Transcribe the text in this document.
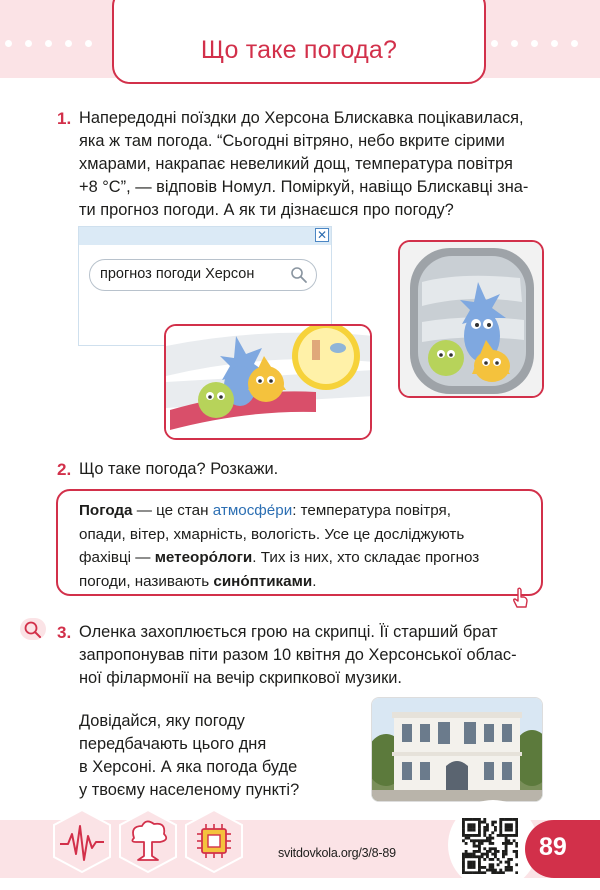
Що таке погода?
1. Напередодні поїздки до Херсона Блискавка поцікавилася,
яка ж там погода. “Сьогодні вітряно, небо вкрите сірими
хмарами, накрапає невеликий дощ, температура повітря
+8 °С”, — відповів Номул. Поміркуй, навіщо Блискавці зна-
ти прогноз погоди. А як ти дізнаєшся про погоду?
✕
прогноз погоди Херсон
2. Що таке погода? Розкажи.
Погода — це стан атмосфе́ри: температура повітря,
опади, вітер, хмарність, вологість. Усе це досліджують
фахівці — метеоро́логи. Тих із них, хто складає прогноз
погоди, називають сино́птиками.
3. Оленка захоплюється грою на скрипці. Її старший брат
запропонував піти разом 10 квітня до Херсонської облас-
ної філармонії на вечір скрипкової музики.
Довідайся, яку погоду
передбачають цього дня
в Херсоні. А яка погода буде
у твоєму населеному пункті?
svitdovkola.org/3/8-89	89
